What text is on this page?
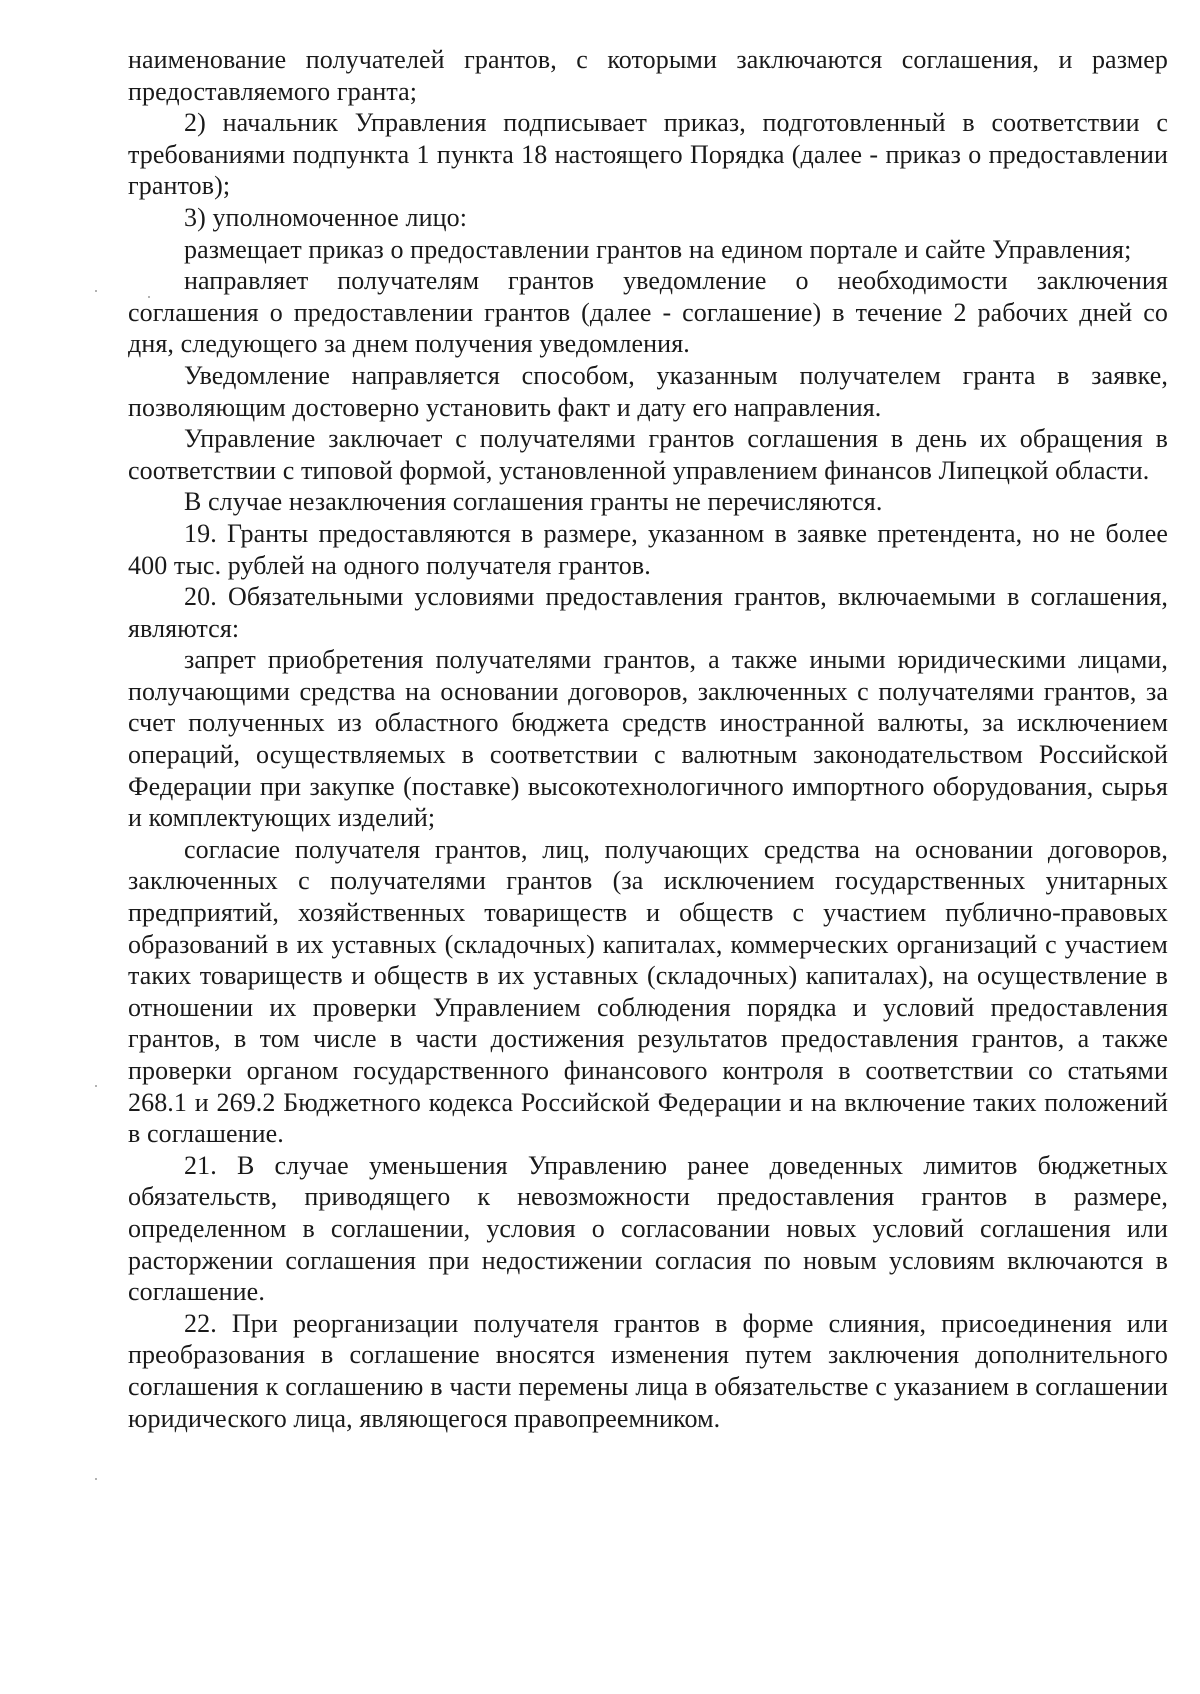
наименование получателей грантов, с которыми заключаются соглашения, и размер предоставляемого гранта;

2) начальник Управления подписывает приказ, подготовленный в соответствии с требованиями подпункта 1 пункта 18 настоящего Порядка (далее - приказ о предоставлении грантов);

3) уполномоченное лицо:

размещает приказ о предоставлении грантов на едином портале и сайте Управления;

направляет получателям грантов уведомление о необходимости заключения соглашения о предоставлении грантов (далее - соглашение) в течение 2 рабочих дней со дня, следующего за днем получения уведомления.

Уведомление направляется способом, указанным получателем гранта в заявке, позволяющим достоверно установить факт и дату его направления.

Управление заключает с получателями грантов соглашения в день их обращения в соответствии с типовой формой, установленной управлением финансов Липецкой области.

В случае незаключения соглашения гранты не перечисляются.

19. Гранты предоставляются в размере, указанном в заявке претендента, но не более 400 тыс. рублей на одного получателя грантов.

20. Обязательными условиями предоставления грантов, включаемыми в соглашения, являются:

запрет приобретения получателями грантов, а также иными юридическими лицами, получающими средства на основании договоров, заключенных с получателями грантов, за счет полученных из областного бюджета средств иностранной валюты, за исключением операций, осуществляемых в соответствии с валютным законодательством Российской Федерации при закупке (поставке) высокотехнологичного импортного оборудования, сырья и комплектующих изделий;

согласие получателя грантов, лиц, получающих средства на основании договоров, заключенных с получателями грантов (за исключением государственных унитарных предприятий, хозяйственных товариществ и обществ с участием публично-правовых образований в их уставных (складочных) капиталах, коммерческих организаций с участием таких товариществ и обществ в их уставных (складочных) капиталах), на осуществление в отношении их проверки Управлением соблюдения порядка и условий предоставления грантов, в том числе в части достижения результатов предоставления грантов, а также проверки органом государственного финансового контроля в соответствии со статьями 268.1 и 269.2 Бюджетного кодекса Российской Федерации и на включение таких положений в соглашение.

21. В случае уменьшения Управлению ранее доведенных лимитов бюджетных обязательств, приводящего к невозможности предоставления грантов в размере, определенном в соглашении, условия о согласовании новых условий соглашения или расторжении соглашения при недостижении согласия по новым условиям включаются в соглашение.

22. При реорганизации получателя грантов в форме слияния, присоединения или преобразования в соглашение вносятся изменения путем заключения дополнительного соглашения к соглашению в части перемены лица в обязательстве с указанием в соглашении юридического лица, являющегося правопреемником.
